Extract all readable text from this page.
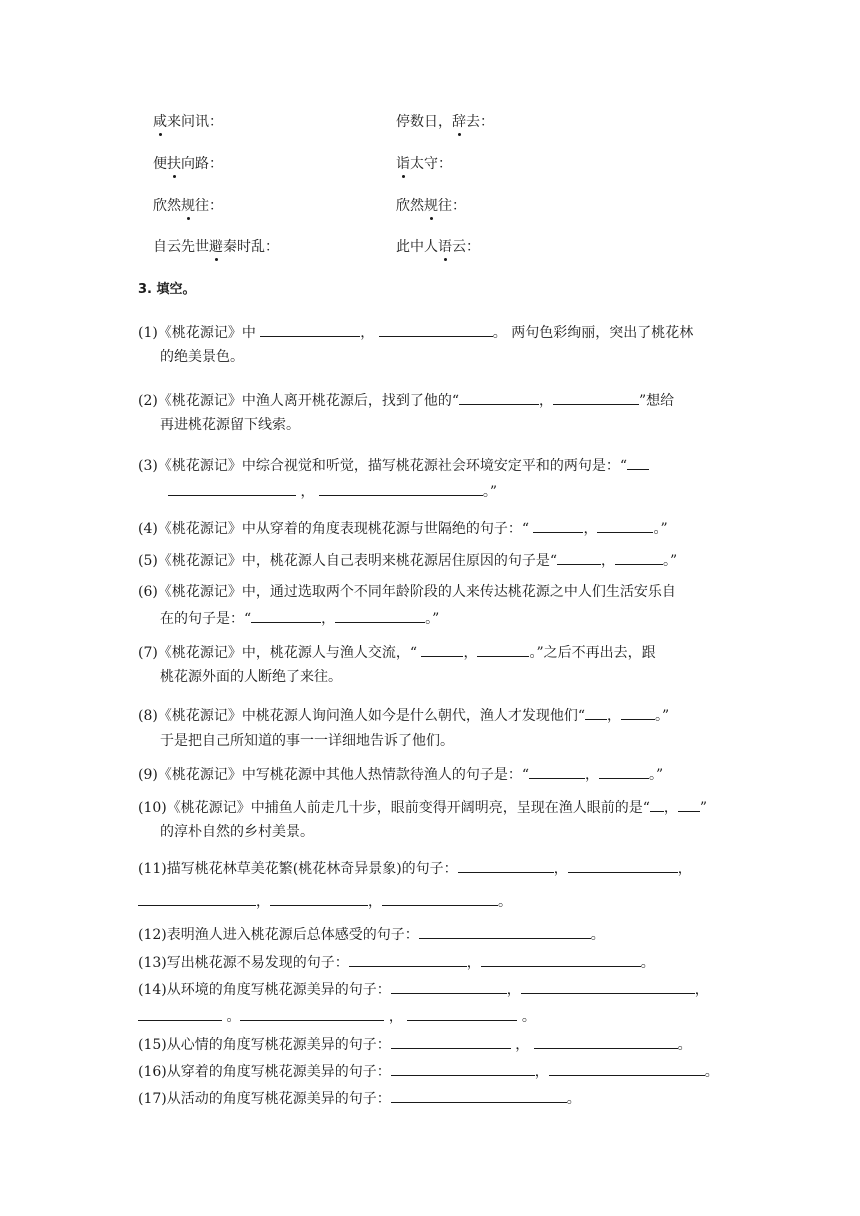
咸来问讯：	停数日，辞去：
便扶向路：	诣太守：
欣然规往：	欣然规往：
自云先世避秦时乱：	此中人语云：
3. 填空。
(1)《桃花源记》中	，	。 两句色彩绚丽，突出了桃花林
的绝美景色。
(2)《桃花源记》中渔人离开桃花源后，找到了他的“	，	”想给
再进桃花源留下线索。
(3)《桃花源记》中综合视觉和听觉，描写桃花源社会环境安定平和的两句是：“
，	。”
(4)《桃花源记》中从穿着的角度表现桃花源与世隔绝的句子：“	，	。”
(5)《桃花源记》中，桃花源人自己表明来桃花源居住原因的句子是“	，	。”
(6)《桃花源记》中，通过选取两个不同年龄阶段的人来传达桃花源之中人们生活安乐自
在的句子是：“	，	。”
(7)《桃花源记》中，桃花源人与渔人交流，“	，	。”之后不再出去，跟
桃花源外面的人断绝了来往。
(8)《桃花源记》中桃花源人询问渔人如今是什么朝代，渔人才发现他们“ ， 。”
于是把自己所知道的事一一详细地告诉了他们。
(9)《桃花源记》中写桃花源中其他人热情款待渔人的句子是：“	，	。”
(10)《桃花源记》中捕鱼人前走几十步，眼前变得开阔明亮，呈现在渔人眼前的是“ ， ”
的淳朴自然的乡村美景。
(11)描写桃花林草美花繁(桃花林奇异景象)的句子：	，	，
，	，	。
(12)表明渔人进入桃花源后总体感受的句子：	。
(13)写出桃花源不易发现的句子：	，	。
(14)从环境的角度写桃花源美异的句子：	，	，
。	，	。
(15)从心情的角度写桃花源美异的句子：	，	。
(16)从穿着的角度写桃花源美异的句子：	，	。
(17)从活动的角度写桃花源美异的句子：	。
